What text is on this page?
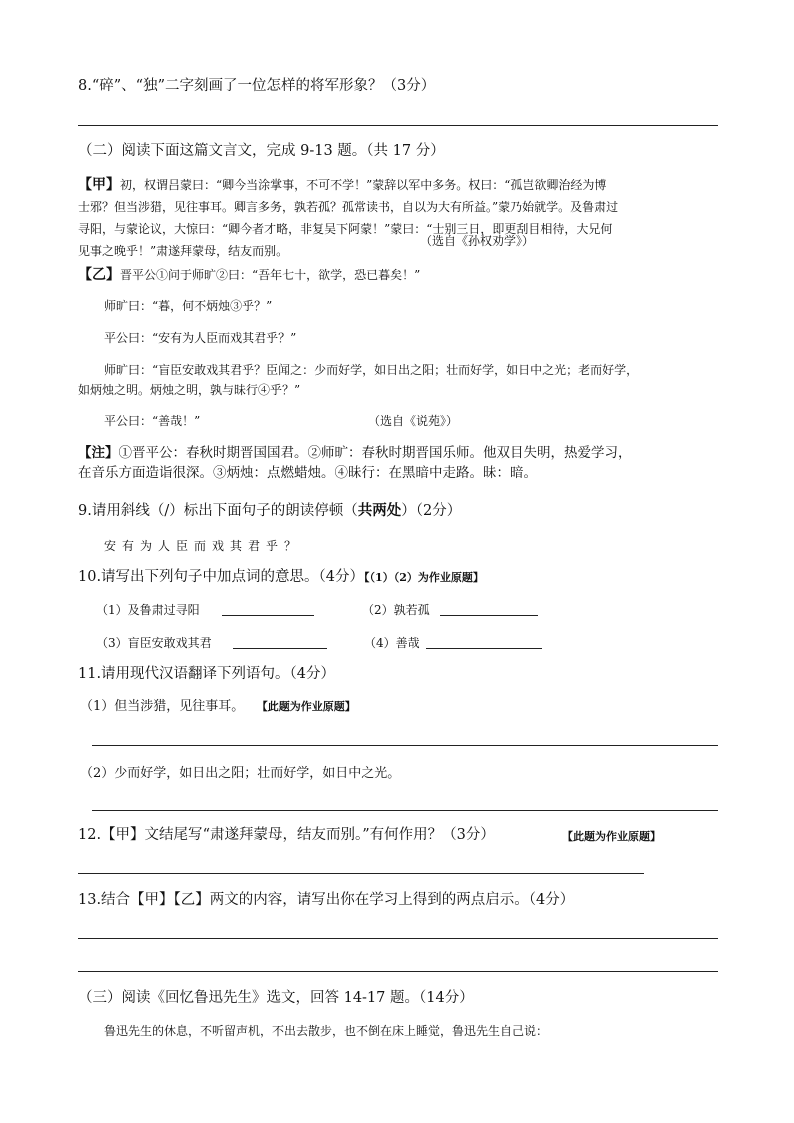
8.“碎”、“独”二字刻画了一位怎样的将军形象？（3分）
（二）阅读下面这篇文言文，完成 9-13 题。（共 17 分）
【甲】初，权谓吕蒙曰：“卿今当涂掌事，不可不学！”蒙辞以军中多务。权曰：“孤岂欲卿治经为博
士邪？但当涉猎，见往事耳。卿言多务，孰若孤？孤常读书，自以为大有所益。”蒙乃始就学。及鲁肃过
寻阳，与蒙论议，大惊曰：“卿今者才略，非复吴下阿蒙！”蒙曰：“士别三日，即更刮目相待，大兄何
见事之晚乎！”肃遂拜蒙母，结友而别。
（选自《孙权劝学》）
【乙】晋平公①问于师旷②曰：“吾年七十，欲学，恐已暮矣！”
师旷曰：“暮，何不炳烛③乎？”
平公曰：“安有为人臣而戏其君乎？”
师旷曰：“盲臣安敢戏其君乎？臣闻之：少而好学，如日出之阳；壮而好学，如日中之光；老而好学，
如炳烛之明。炳烛之明，孰与昧行④乎？”
平公曰：“善哉！”	（选自《说苑》）
【注】①晋平公：春秋时期晋国国君。②师旷：春秋时期晋国乐师。他双目失明，热爱学习，
在音乐方面造诣很深。③炳烛：点燃蜡烛。④昧行：在黑暗中走路。昧：暗。
9.请用斜线（/）标出下面句子的朗读停顿（共两处）（2分）
安有为人臣而戏其君乎？
10.请写出下列句子中加点词的意思。（4分）【（1）（2）为作业原题】
（1）及鲁肃过寻阳	（2）孰若孤
（3）盲臣安敢戏其君	（4）善哉
11.请用现代汉语翻译下列语句。（4分）
（1）但当涉猎，见往事耳。 【此题为作业原题】
（2）少而好学，如日出之阳；壮而好学，如日中之光。
12.【甲】文结尾写“肃遂拜蒙母，结友而别。”有何作用？（3分）	【此题为作业原题】
13.结合【甲】【乙】两文的内容，请写出你在学习上得到的两点启示。（4分）
（三）阅读《回忆鲁迅先生》选文，回答 14-17 题。（14分）
鲁迅先生的休息，不听留声机，不出去散步，也不倒在床上睡觉，鲁迅先生自己说：
